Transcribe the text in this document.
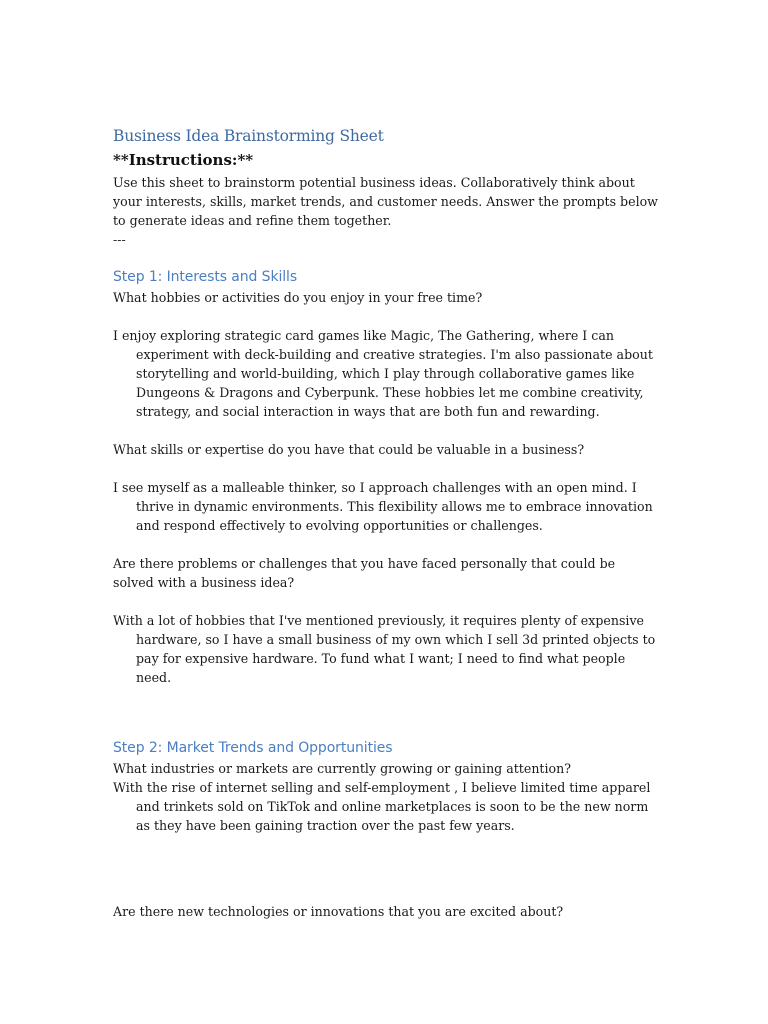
Business Idea Brainstorming Sheet
**Instructions:**

Use this sheet to brainstorm potential business ideas. Collaboratively think about your interests, skills, market trends, and customer needs. Answer the prompts below to generate ideas and refine them together.

---

Step 1: Interests and Skills

What hobbies or activities do you enjoy in your free time?

I enjoy exploring strategic card games like Magic, The Gathering, where I can experiment with deck-building and creative strategies. I'm also passionate about storytelling and world-building, which I play through collaborative games like Dungeons & Dragons and Cyberpunk. These hobbies let me combine creativity, strategy, and social interaction in ways that are both fun and rewarding.

What skills or expertise do you have that could be valuable in a business?

I see myself as a malleable thinker, so I approach challenges with an open mind. I thrive in dynamic environments. This flexibility allows me to embrace innovation and respond effectively to evolving opportunities or challenges.

Are there problems or challenges that you have faced personally that could be solved with a business idea?

With a lot of hobbies that I've mentioned previously, it requires plenty of expensive hardware, so I have a small business of my own which I sell 3d printed objects to pay for expensive hardware. To fund what I want; I need to find what people need.

Step 2: Market Trends and Opportunities

What industries or markets are currently growing or gaining attention?

With the rise of internet selling and self-employment , I believe limited time apparel and trinkets sold on TikTok and online marketplaces is soon to be the new norm as they have been gaining traction over the past few years.

Are there new technologies or innovations that you are excited about?
